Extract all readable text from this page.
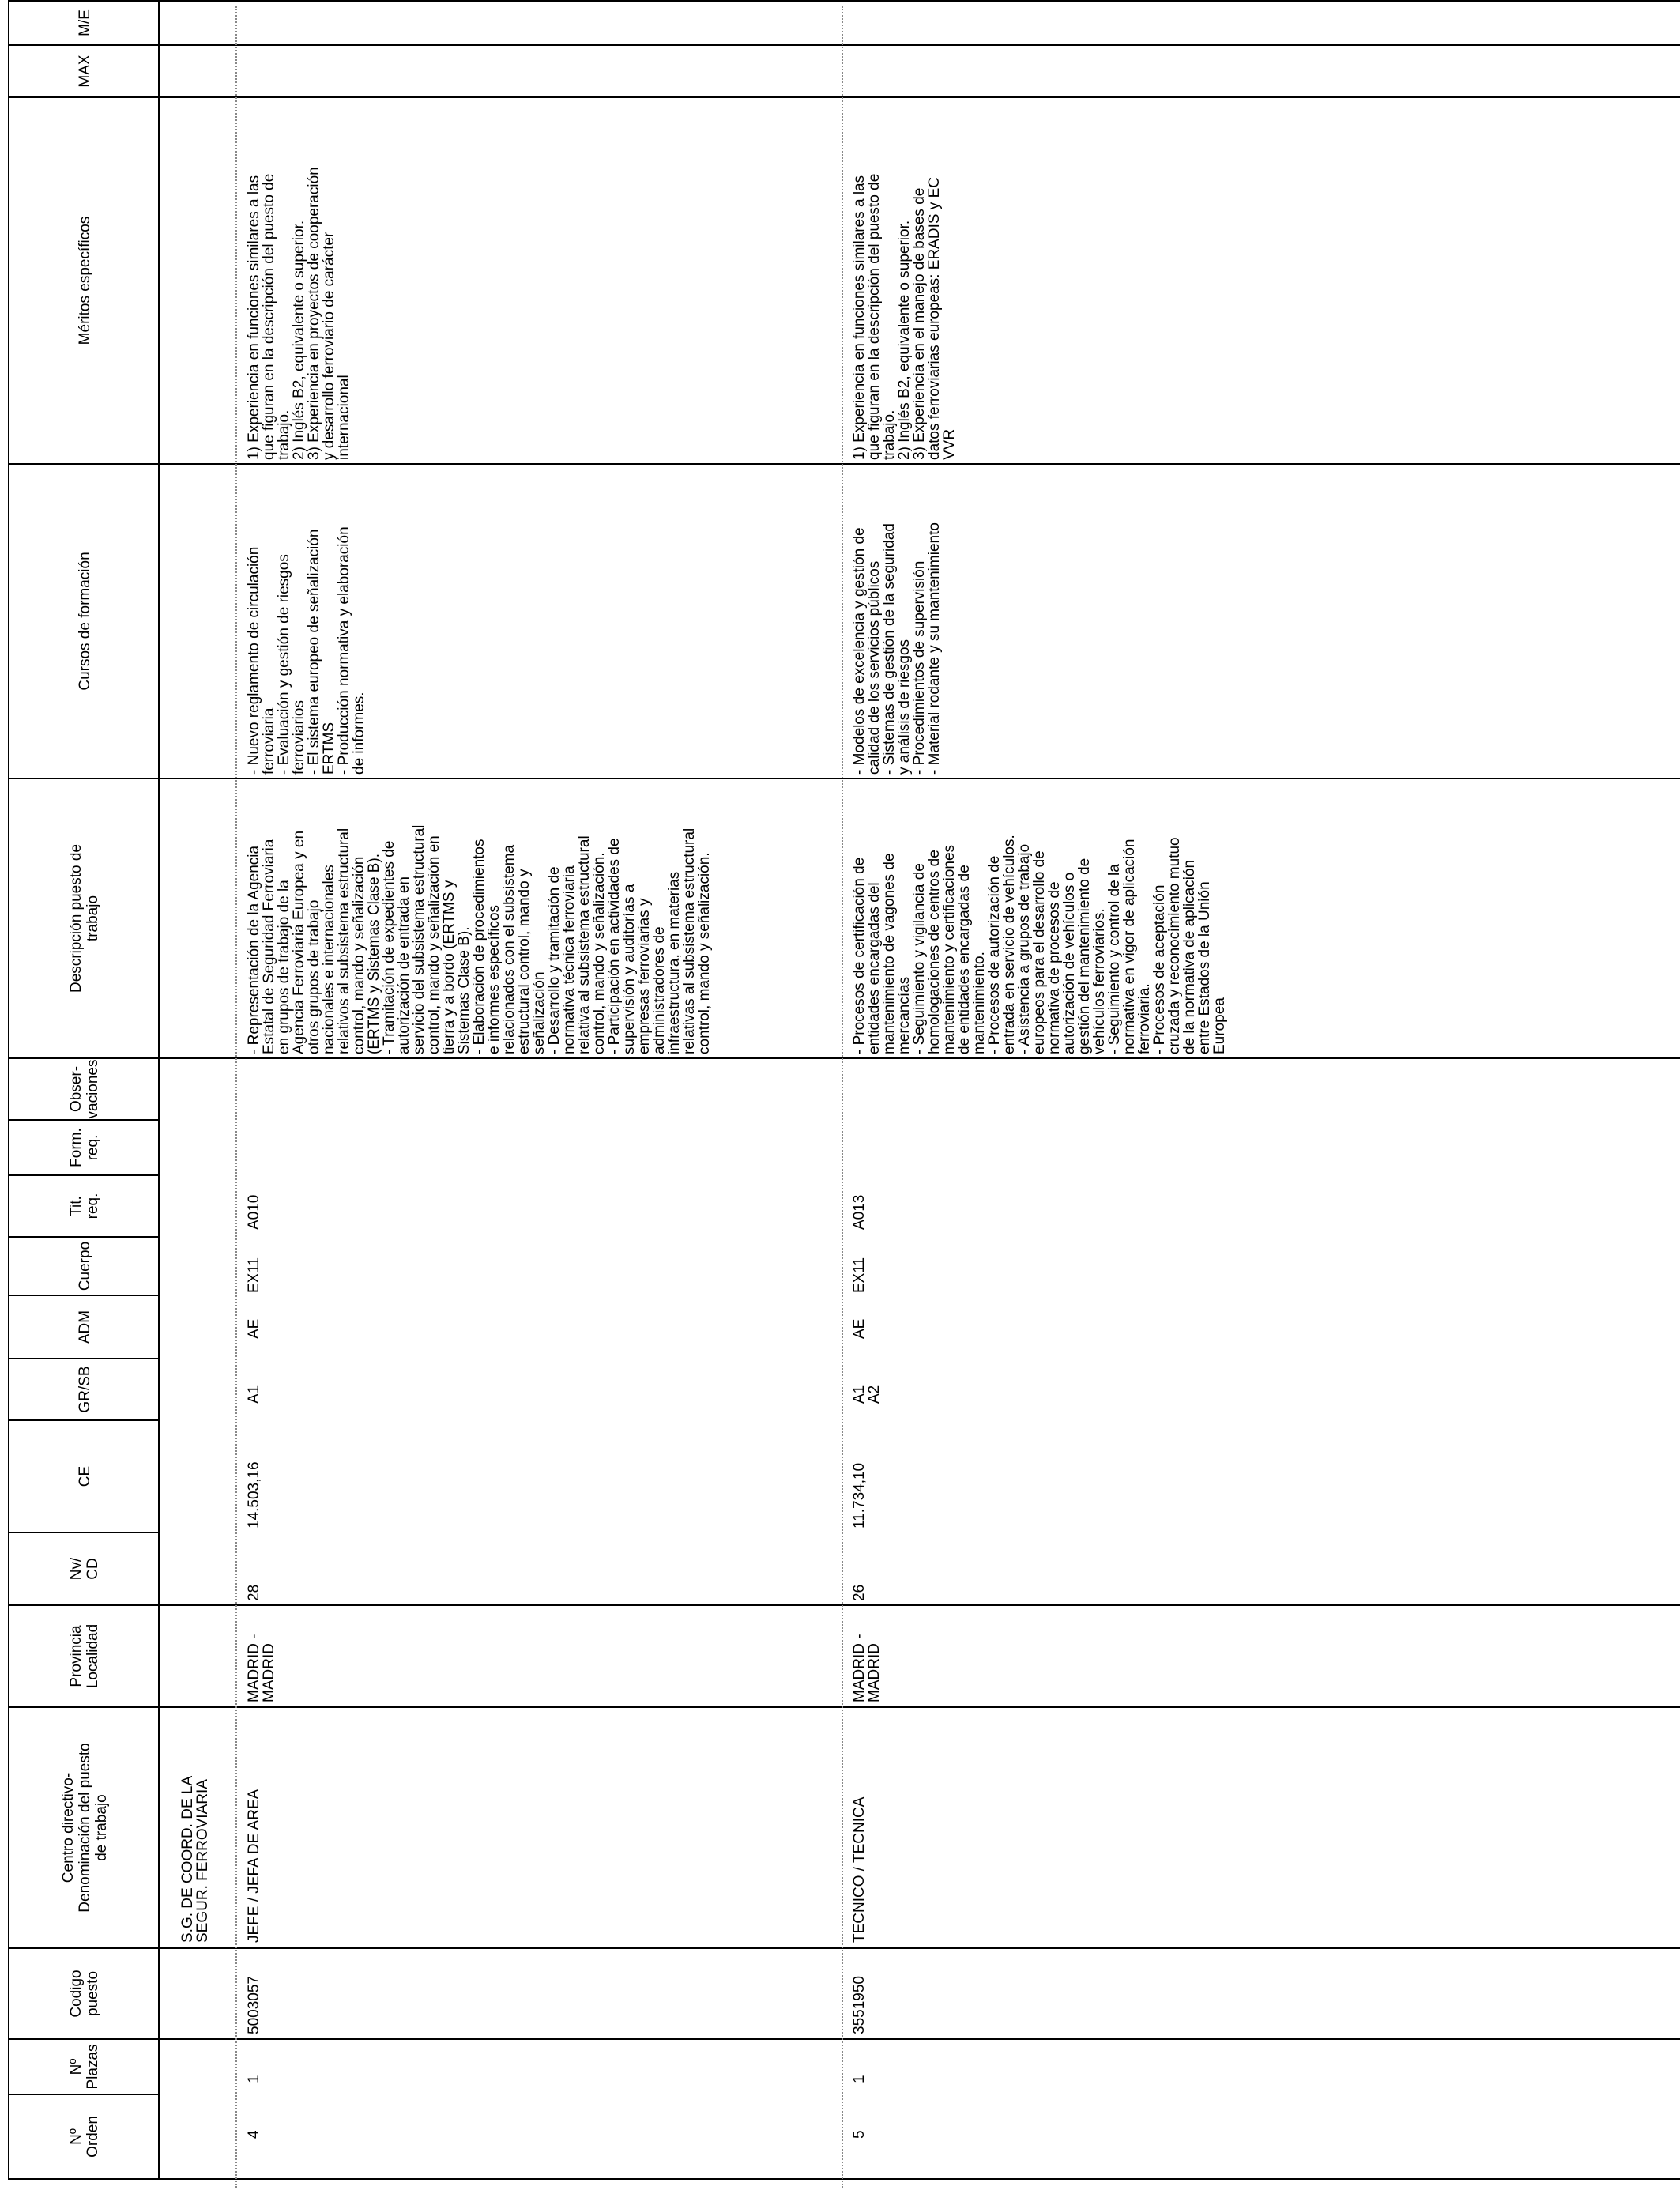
Nº
Orden
Nº
Plazas
Codigo
puesto
Centro directivo-
Denominación del puesto
de trabajo
Provincia
Localidad
Nv/
CD
CE
GR/SB
ADM
Cuerpo
Tit.
req.
Form.
req.
Obser-
vaciones
Descripción puesto de
trabajo
Cursos de formación
Méritos específicos
MAX
M/E
S.G. DE COORD. DE LA
SEGUR. FERROVIARIA
4
1
5003057
JEFE / JEFA DE AREA
MADRID -
MADRID
28
14.503,16
A1
AE
EX11
A010
- Representación de la Agencia
Estatal de Seguridad Ferroviaria
en grupos de trabajo de la
Agencia Ferroviaria Europea y en
otros grupos de trabajo
nacionales e internacionales
relativos al subsistema estructural
control, mando y señalización
(ERTMS y Sistemas Clase B).
- Tramitación de expedientes de
autorización de entrada en
servicio del subsistema estructural
control, mando y señalización en
tierra y a bordo (ERTMS y
Sistemas Clase B).
- Elaboración de procedimientos
e informes específicos
relacionados con el subsistema
estructural control, mando y
señalización
- Desarrollo y tramitación de
normativa técnica ferroviaria
relativa al subsistema estructural
control, mando y señalización.
- Participación en actividades de
supervisión y auditorías a
empresas ferroviarias y
administradores de
infraestructura, en materias
relativas al subsistema estructural
control, mando y señalización.
- Nuevo reglamento de circulación
ferroviaria
- Evaluación y gestión de riesgos
ferroviarios
- El sistema europeo de señalización
ERTMS
- Producción normativa y elaboración
de informes.
1) Experiencia en funciones similares a las
que figuran en la descripción del puesto de
trabajo.
2) Inglés B2, equivalente o superior.
3) Experiencia en proyectos de cooperación
y desarrollo ferroviario de carácter
internacional
5
1
3551950
TECNICO / TECNICA
MADRID -
MADRID
26
11.734,10
A1
A2
AE
EX11
A013
- Procesos de certificación de
entidades encargadas del
mantenimiento de vagones de
mercancías
- Seguimiento y vigilancia de
homologaciones de centros de
mantenimiento y certificaciones
de entidades encargadas de
mantenimiento.
- Procesos de autorización de
entrada en servicio de vehículos.
- Asistencia a grupos de trabajo
europeos para el desarrollo de
normativa de procesos de
autorización de vehículos o
gestión del mantenimiento de
vehículos ferroviarios.
- Seguimiento y control de la
normativa en vigor de aplicación
ferroviaria.
- Procesos de aceptación
cruzada y reconocimiento mutuo
de la normativa de aplicación
entre Estados de la Unión
Europea
- Modelos de excelencia y gestión de
calidad de los servicios públicos
- Sistemas de gestión de la seguridad
y análisis de riesgos
- Procedimientos de supervisión
- Material rodante y su mantenimiento
1) Experiencia en funciones similares a las
que figuran en la descripción del puesto de
trabajo.
2) Inglés B2, equivalente o superior.
3) Experiencia en el manejo de bases de
datos ferroviarias europeas: ERADIS y EC
VVR
